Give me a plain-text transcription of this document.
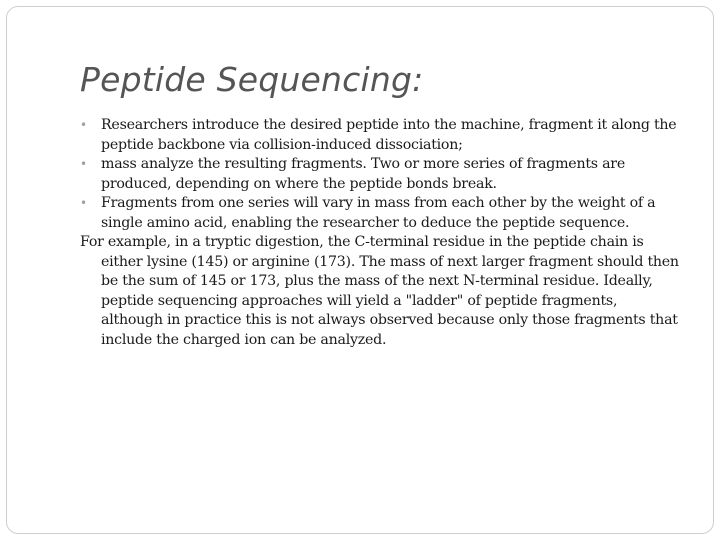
Peptide Sequencing:
• Researchers introduce the desired peptide into the machine, fragment it along the peptide backbone via collision-induced dissociation;
• mass analyze the resulting fragments. Two or more series of fragments are produced, depending on where the peptide bonds break.
• Fragments from one series will vary in mass from each other by the weight of a single amino acid, enabling the researcher to deduce the peptide sequence.

For example, in a tryptic digestion, the C-terminal residue in the peptide chain is either lysine (145) or arginine (173). The mass of next larger fragment should then be the sum of 145 or 173, plus the mass of the next N-terminal residue. Ideally, peptide sequencing approaches will yield a "ladder" of peptide fragments, although in practice this is not always observed because only those fragments that include the charged ion can be analyzed.
